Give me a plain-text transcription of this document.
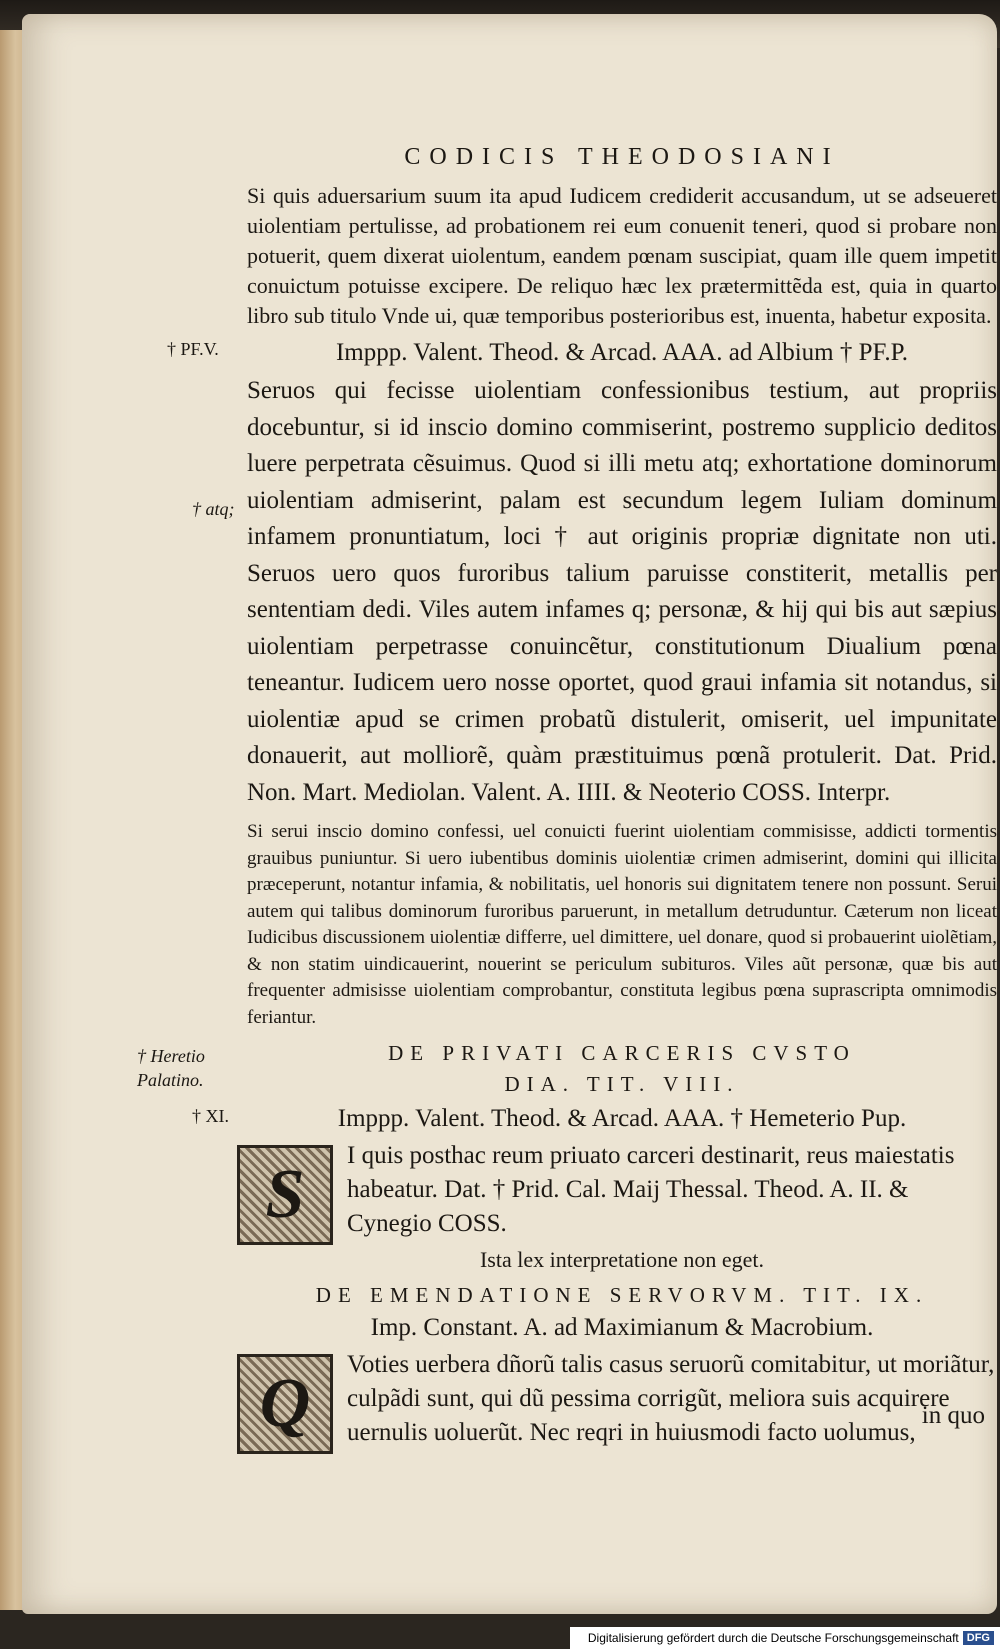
† PF.V.
† atq;
† Heretio Palatino.
† XI.
CODICIS THEODOSIANI

Si quis aduersarium suum ita apud Iudicem crediderit accusandum, ut se adseueret uiolentiam pertulisse, ad probationem rei eum conuenit teneri, quod si probare non potuerit, quem dixerat uiolentum, eandem pœnam suscipiat, quam ille quem impetit conuictum potuisse excipere. De reliquo hæc lex prætermittẽda est, quia in quarto libro sub titulo Vnde ui, quæ temporibus posterioribus est, inuenta, habetur exposita.

Imppp. Valent. Theod. & Arcad. AAA. ad Albium † PF.P.

Seruos qui fecisse uiolentiam confessionibus testium, aut propriis docebuntur, si id inscio domino commiserint, postremo supplicio deditos luere perpetrata cẽsuimus. Quod si illi metu atq; exhortatione dominorum uiolentiam admiserint, palam est secundum legem Iuliam dominum infamem pronuntiatum, loci † aut originis propriæ dignitate non uti. Seruos uero quos furoribus talium paruisse constiterit, metallis per sententiam dedi. Viles autem infames q; personæ, & hij qui bis aut sæpius uiolentiam perpetrasse conuincẽtur, constitutionum Diualium pœna teneantur. Iudicem uero nosse oportet, quod graui infamia sit notandus, si uiolentiæ apud se crimen probatũ distulerit, omiserit, uel impunitate donauerit, aut molliorẽ, quàm præstituimus pœnã protulerit. Dat. Prid. Non. Mart. Mediolan. Valent. A. IIII. & Neoterio COSS. Interpr.

Si serui inscio domino confessi, uel conuicti fuerint uiolentiam commisisse, addicti tormentis grauibus puniuntur. Si uero iubentibus dominis uiolentiæ crimen admiserint, domini qui illicita præceperunt, notantur infamia, & nobilitatis, uel honoris sui dignitatem tenere non possunt. Serui autem qui talibus dominorum furoribus paruerunt, in metallum detruduntur. Cæterum non liceat Iudicibus discussionem uiolentiæ differre, uel dimittere, uel donare, quod si probauerint uiolẽtiam, & non statim uindicauerint, nouerint se periculum subituros. Viles aũt personæ, quæ bis aut frequenter admisisse uiolentiam comprobantur, constituta legibus pœna suprascripta omnimodis feriantur.

DE PRIVATI CARCERIS CVSTO
DIA. TIT. VIII.
Imppp. Valent. Theod. & Arcad. AAA. † Hemeterio Pup.
S
I quis posthac reum priuato carceri destinarit, reus maiestatis habeatur. Dat. † Prid. Cal. Maij Thessal. Theod. A. II. & Cynegio COSS.
Ista lex interpretatione non eget.
DE EMENDATIONE SERVORVM. TIT. IX.
Imp. Constant. A. ad Maximianum & Macrobium.
Q
Voties uerbera dñorũ talis casus seruorũ comitabitur, ut moriãtur, culpãdi sunt, qui dũ pessima corrigũt, meliora suis acquirere uernulis uoluerũt. Nec reqri in huiusmodi facto uolumus,
in quo
Digitalisierung gefördert durch die Deutsche Forschungsgemeinschaft DFG
